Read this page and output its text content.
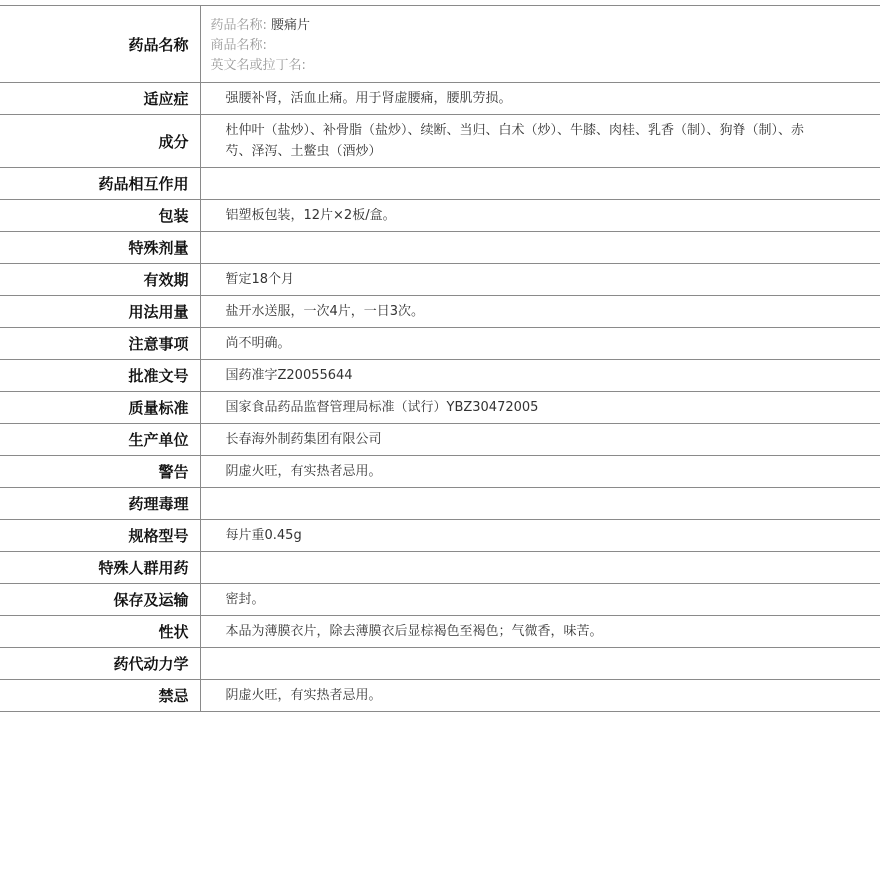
药品名称	药品名称: 腰痛片
商品名称:
英文名或拉丁名:

适应症	强腰补肾，活血止痛。用于肾虚腰痛，腰肌劳损。
成分	杜仲叶（盐炒）、补骨脂（盐炒）、续断、当归、白术（炒）、牛膝、肉桂、乳香（制）、狗脊（制）、赤芍、泽泻、土鳖虫（酒炒）
药品相互作用	
包装	铝塑板包装，12片×2板/盒。
特殊剂量	
有效期	暂定18个月
用法用量	盐开水送服，一次4片，一日3次。
注意事项	尚不明确。
批准文号	国药准字Z20055644
质量标准	国家食品药品监督管理局标准（试行）YBZ30472005
生产单位	长春海外制药集团有限公司
警告	阴虚火旺，有实热者忌用。
药理毒理	
规格型号	每片重0.45g
特殊人群用药	
保存及运输	密封。
性状	本品为薄膜衣片，除去薄膜衣后显棕褐色至褐色；气微香，味苦。
药代动力学	
禁忌	阴虚火旺，有实热者忌用。
